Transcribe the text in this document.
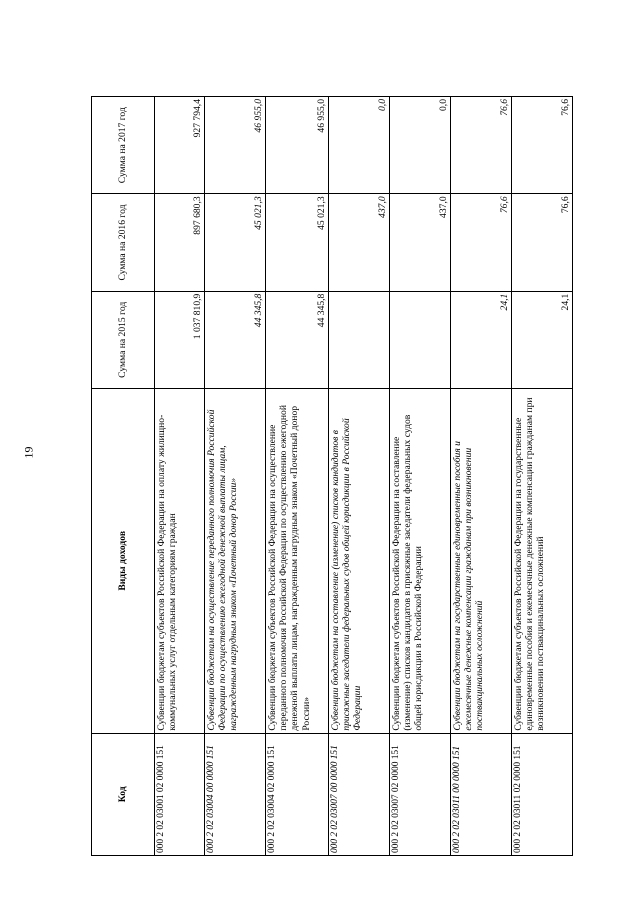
19
Код	Виды доходов	Сумма на 2015 год	Сумма на 2016 год	Сумма на 2017 год
000 2 02 03001 02 0000 151	Субвенции бюджетам субъектов Российской Федерации на оплату жилищно-коммунальных услуг отдельным категориям граждан	1 037 810,9	897 680,3	927 794,4
000 2 02 03004 00 0000 151	Субвенции бюджетам на осуществление переданного полномочия Российской Федерации по осуществлению ежегодной денежной выплаты лицам, награжденным нагрудным знаком «Почетный донор России»	44 345,8	45 021,3	46 955,0
000 2 02 03004 02 0000 151	Субвенции бюджетам субъектов Российской Федерации на осуществление переданного полномочия Российской Федерации по осуществлению ежегодной денежной выплаты лицам, награжденным нагрудным знаком «Почетный донор России»	44 345,8	45 021,3	46 955,0
000 2 02 03007 00 0000 151	Субвенции бюджетам на составление (изменение) списков кандидатов в присяжные заседатели федеральных судов общей юрисдикции в Российской Федерации		437,0	0,0
000 2 02 03007 02 0000 151	Субвенции бюджетам субъектов Российской Федерации на составление (изменение) списков кандидатов в присяжные заседатели федеральных судов общей юрисдикции в Российской Федерации		437,0	0,0
000 2 02 03011 00 0000 151	Субвенции бюджетам на государственные единовременные пособия и ежемесячные денежные компенсации гражданам при возникновении поствакцинальных осложнений	24,1	76,6	76,6
000 2 02 03011 02 0000 151	Субвенции бюджетам субъектов Российской Федерации на государственные единовременные пособия и ежемесячные денежные компенсации гражданам при возникновении поствакцинальных осложнений	24,1	76,6	76,6
